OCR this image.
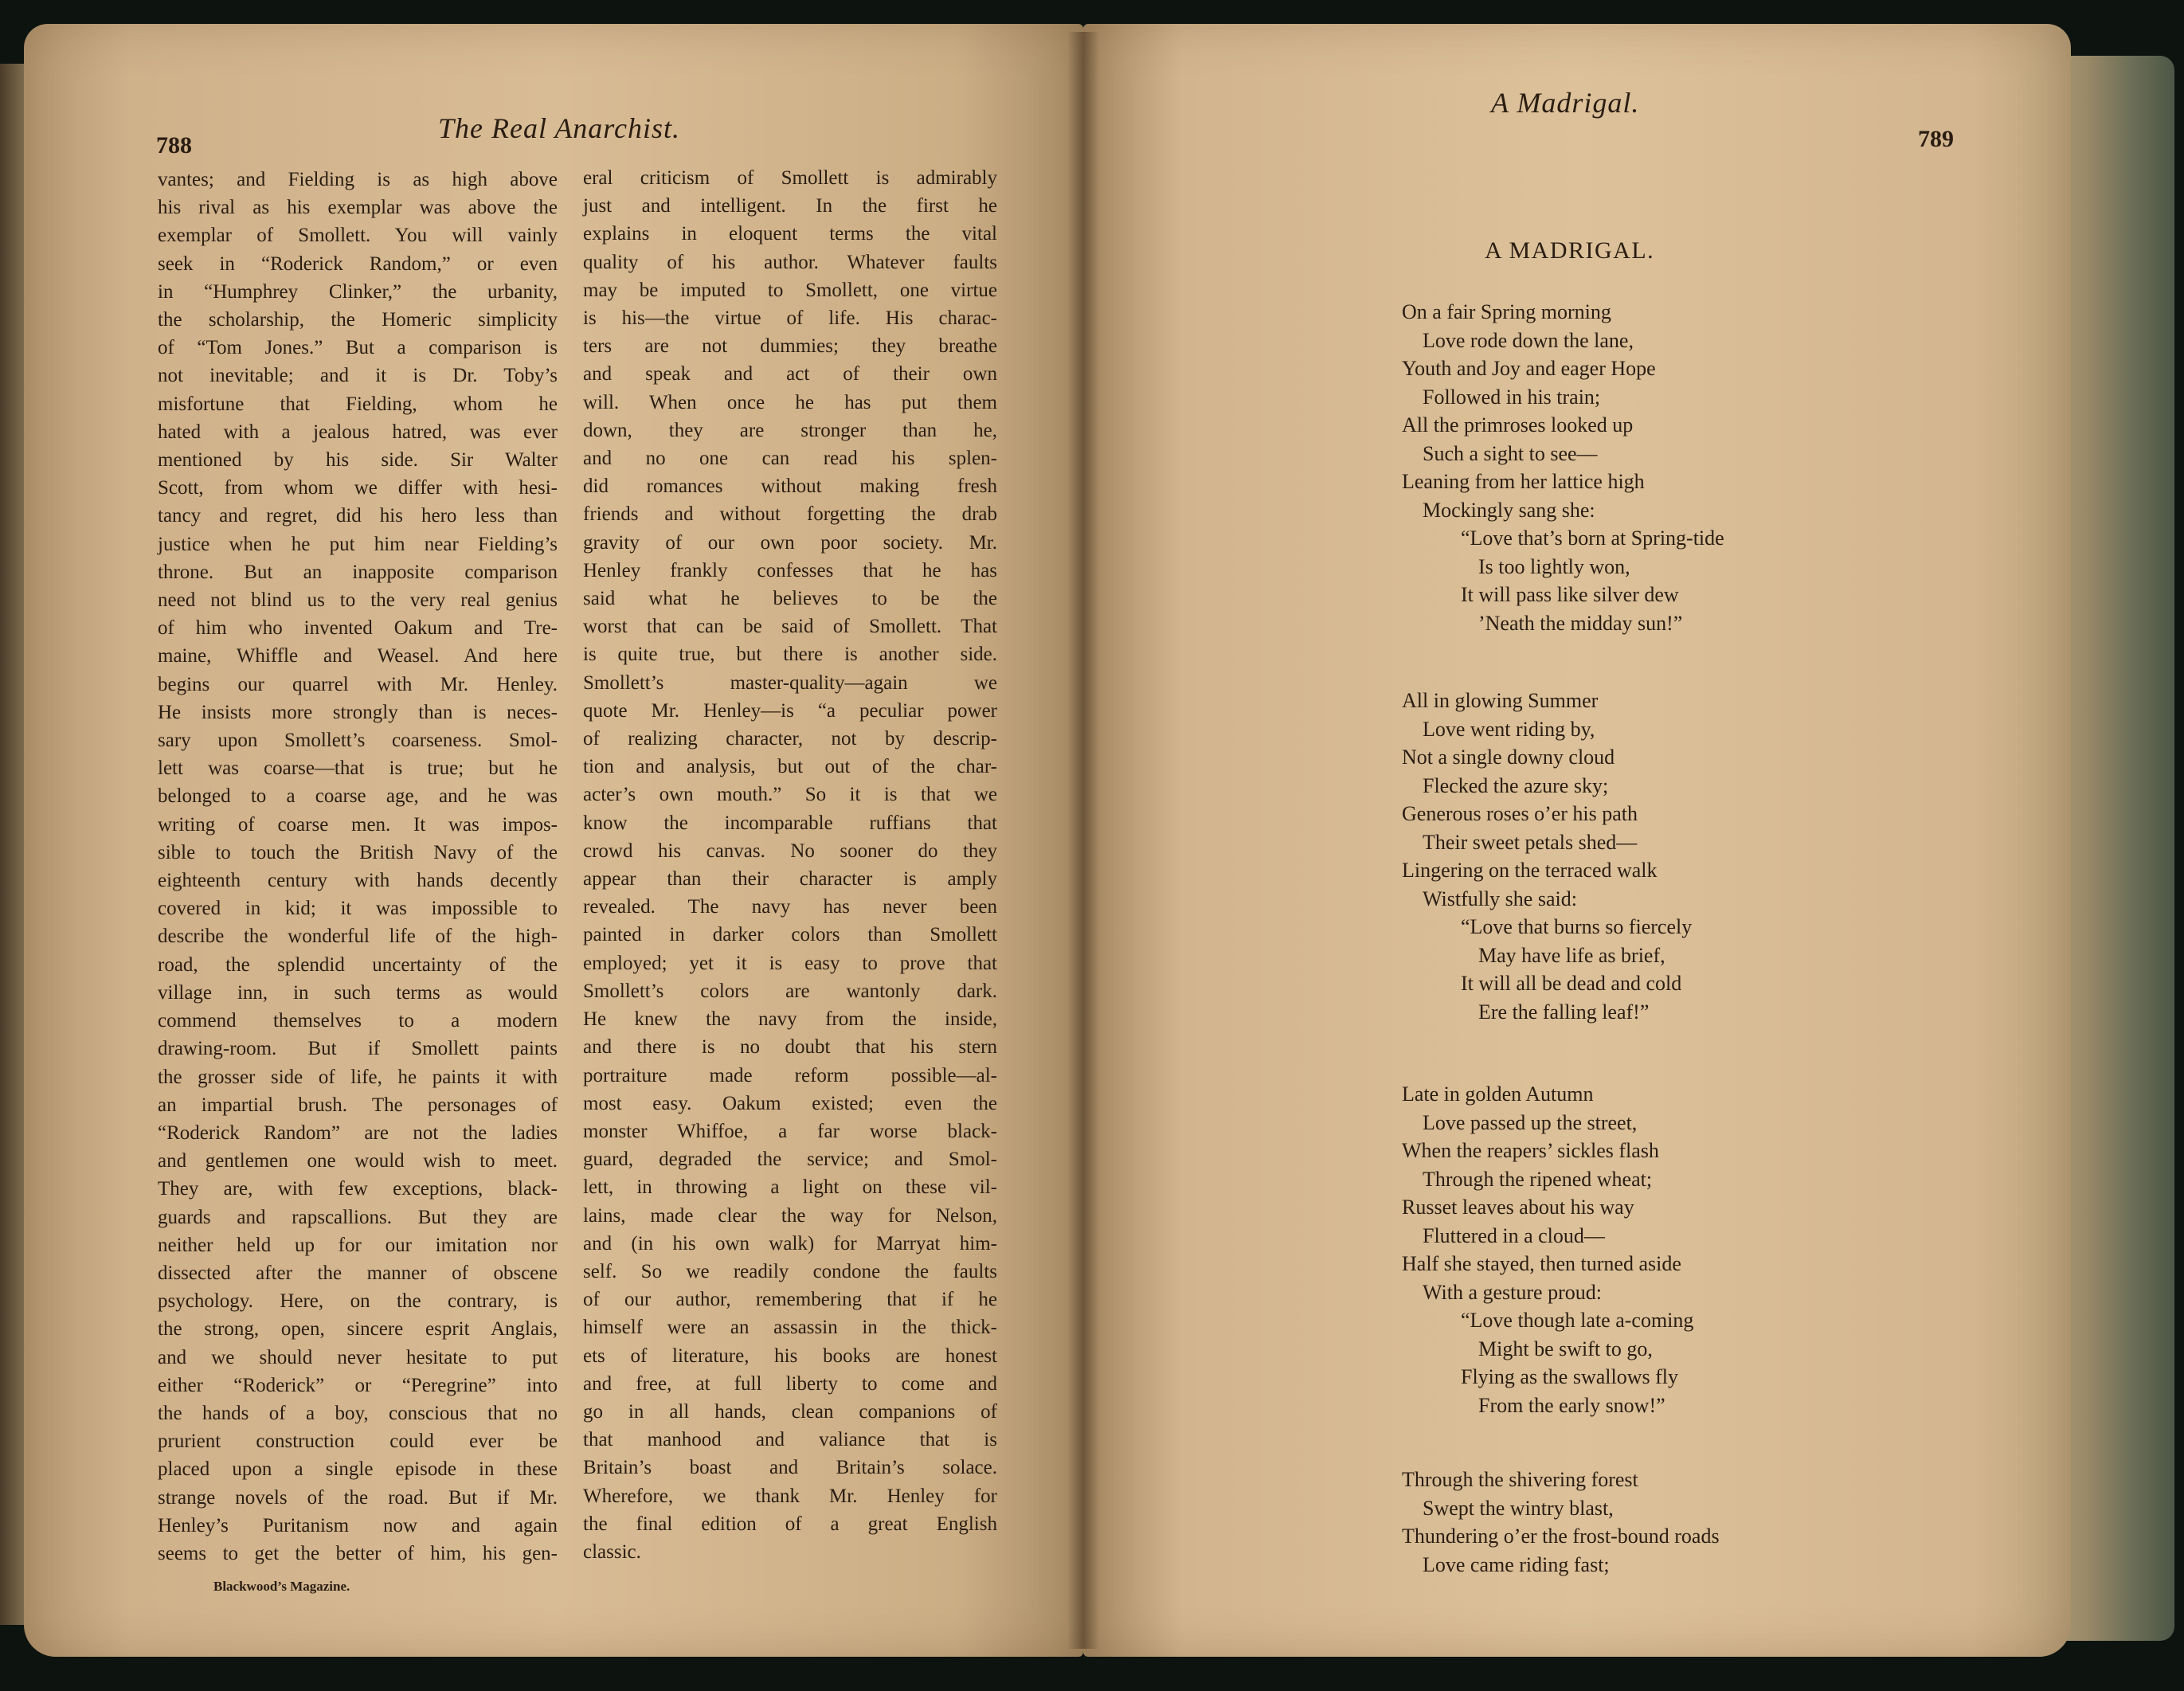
788
The Real Anarchist.
vantes; and Fielding is as high above
his rival as his exemplar was above the
exemplar of Smollett. You will vainly
seek in “Roderick Random,” or even
in “Humphrey Clinker,” the urbanity,
the scholarship, the Homeric simplicity
of “Tom Jones.” But a comparison is
not inevitable; and it is Dr. Toby’s
misfortune that Fielding, whom he
hated with a jealous hatred, was ever
mentioned by his side. Sir Walter
Scott, from whom we differ with hesi-
tancy and regret, did his hero less than
justice when he put him near Fielding’s
throne. But an inapposite comparison
need not blind us to the very real genius
of him who invented Oakum and Tre-
maine, Whiffle and Weasel. And here
begins our quarrel with Mr. Henley.
He insists more strongly than is neces-
sary upon Smollett’s coarseness. Smol-
lett was coarse—that is true; but he
belonged to a coarse age, and he was
writing of coarse men. It was impos-
sible to touch the British Navy of the
eighteenth century with hands decently
covered in kid; it was impossible to
describe the wonderful life of the high-
road, the splendid uncertainty of the
village inn, in such terms as would
commend themselves to a modern
drawing-room. But if Smollett paints
the grosser side of life, he paints it with
an impartial brush. The personages of
“Roderick Random” are not the ladies
and gentlemen one would wish to meet.
They are, with few exceptions, black-
guards and rapscallions. But they are
neither held up for our imitation nor
dissected after the manner of obscene
psychology. Here, on the contrary, is
the strong, open, sincere esprit Anglais,
and we should never hesitate to put
either “Roderick” or “Peregrine” into
the hands of a boy, conscious that no
prurient construction could ever be
placed upon a single episode in these
strange novels of the road. But if Mr.
Henley’s Puritanism now and again
seems to get the better of him, his gen-
eral criticism of Smollett is admirably
just and intelligent. In the first he
explains in eloquent terms the vital
quality of his author. Whatever faults
may be imputed to Smollett, one virtue
is his—the virtue of life. His charac-
ters are not dummies; they breathe
and speak and act of their own
will. When once he has put them
down, they are stronger than he,
and no one can read his splen-
did romances without making fresh
friends and without forgetting the drab
gravity of our own poor society. Mr.
Henley frankly confesses that he has
said what he believes to be the
worst that can be said of Smollett. That
is quite true, but there is another side.
Smollett’s master-quality—again we
quote Mr. Henley—is “a peculiar power
of realizing character, not by descrip-
tion and analysis, but out of the char-
acter’s own mouth.” So it is that we
know the incomparable ruffians that
crowd his canvas. No sooner do they
appear than their character is amply
revealed. The navy has never been
painted in darker colors than Smollett
employed; yet it is easy to prove that
Smollett’s colors are wantonly dark.
He knew the navy from the inside,
and there is no doubt that his stern
portraiture made reform possible—al-
most easy. Oakum existed; even the
monster Whiffoe, a far worse black-
guard, degraded the service; and Smol-
lett, in throwing a light on these vil-
lains, made clear the way for Nelson,
and (in his own walk) for Marryat him-
self. So we readily condone the faults
of our author, remembering that if he
himself were an assassin in the thick-
ets of literature, his books are honest
and free, at full liberty to come and
go in all hands, clean companions of
that manhood and valiance that is
Britain’s boast and Britain’s solace.
Wherefore, we thank Mr. Henley for
the final edition of a great English
classic.
Blackwood’s Magazine.
A Madrigal.
789
A MADRIGAL.
On a fair Spring morning
Love rode down the lane,
Youth and Joy and eager Hope
Followed in his train;
All the primroses looked up
Such a sight to see—
Leaning from her lattice high
Mockingly sang she:
“Love that’s born at Spring-tide
Is too lightly won,
It will pass like silver dew
’Neath the midday sun!”
All in glowing Summer
Love went riding by,
Not a single downy cloud
Flecked the azure sky;
Generous roses o’er his path
Their sweet petals shed—
Lingering on the terraced walk
Wistfully she said:
“Love that burns so fiercely
May have life as brief,
It will all be dead and cold
Ere the falling leaf!”
Late in golden Autumn
Love passed up the street,
When the reapers’ sickles flash
Through the ripened wheat;
Russet leaves about his way
Fluttered in a cloud—
Half she stayed, then turned aside
With a gesture proud:
“Love though late a-coming
Might be swift to go,
Flying as the swallows fly
From the early snow!”
Through the shivering forest
Swept the wintry blast,
Thundering o’er the frost-bound roads
Love came riding fast;
